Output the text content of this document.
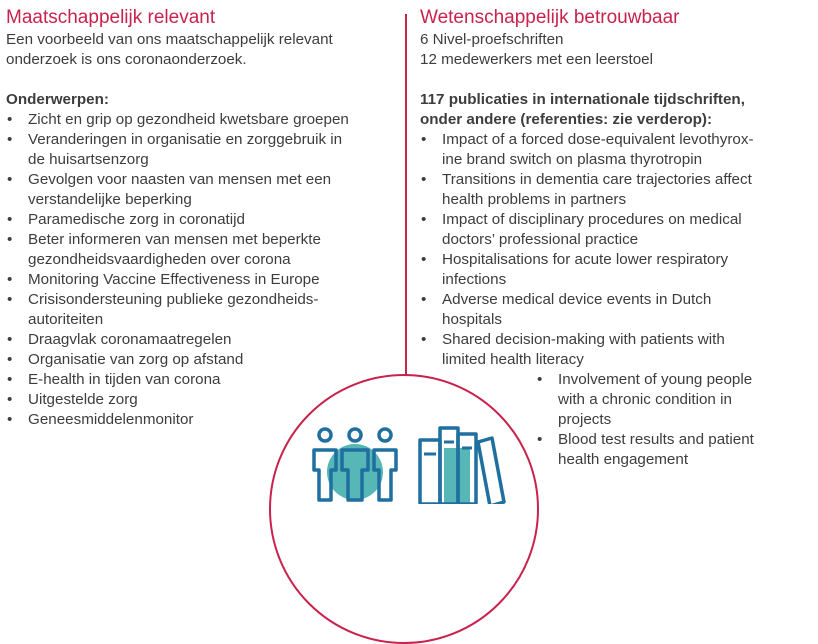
Maatschappelijk relevant

Een voorbeeld van ons maatschappelijk relevant

onderzoek is ons coronaonderzoek.

Onderwerpen:

• Zicht en grip op gezondheid kwetsbare groepen
• Veranderingen in organisatie en zorggebruik in
de huisartsenzorg
• Gevolgen voor naasten van mensen met een
verstandelijke beperking
• Paramedische zorg in coronatijd
• Beter informeren van mensen met beperkte
gezondheidsvaardigheden over corona
• Monitoring Vaccine Effectiveness in Europe
• Crisisondersteuning publieke gezondheids-
autoriteiten
• Draagvlak coronamaatregelen
• Organisatie van zorg op afstand
• E-health in tijden van corona
• Uitgestelde zorg
• Geneesmiddelenmonitor
Wetenschappelijk betrouwbaar

6 Nivel-proefschriften

12 medewerkers met een leerstoel

117 publicaties in internationale tijdschriften,

onder andere (referenties: zie verderop):

• Impact of a forced dose-equivalent levothyrox-
ine brand switch on plasma thyrotropin
• Transitions in dementia care trajectories affect
health problems in partners
• Impact of disciplinary procedures on medical
doctors’ professional practice
• Hospitalisations for acute lower respiratory
infections
• Adverse medical device events in Dutch
hospitals
• Shared decision-making with patients with
limited health literacy
• Involvement of young people
with a chronic condition in
projects
• Blood test results and patient
health engagement
